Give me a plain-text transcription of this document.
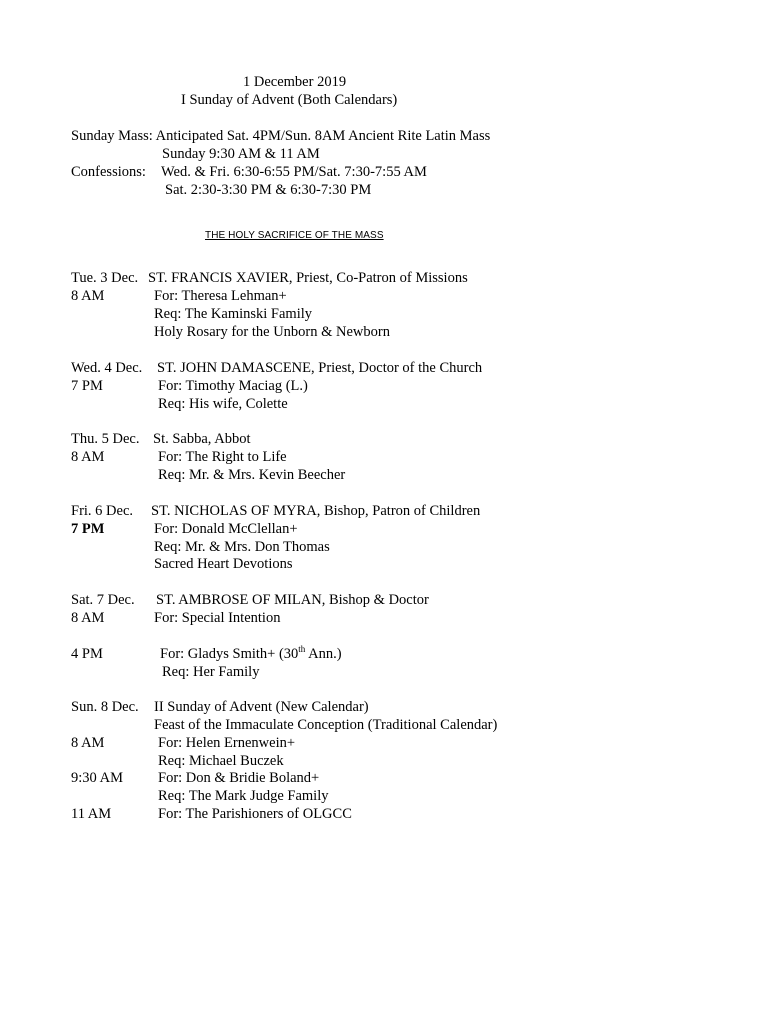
1 December 2019
I Sunday of Advent (Both Calendars)
Sunday Mass: Anticipated Sat. 4PM/Sun. 8AM Ancient Rite Latin Mass
Sunday 9:30 AM & 11 AM
Confessions: Wed. & Fri. 6:30-6:55 PM/Sat. 7:30-7:55 AM
Sat. 2:30-3:30 PM & 6:30-7:30 PM
THE HOLY SACRIFICE OF THE MASS
Tue. 3 Dec. ST. FRANCIS XAVIER, Priest, Co-Patron of Missions
8 AM	For: Theresa Lehman+
Req: The Kaminski Family
Holy Rosary for the Unborn & Newborn
Wed. 4 Dec. ST. JOHN DAMASCENE, Priest, Doctor of the Church
7 PM	For: Timothy Maciag (L.)
Req: His wife, Colette
Thu. 5 Dec. St. Sabba, Abbot
8 AM	For: The Right to Life
Req: Mr. & Mrs. Kevin Beecher
Fri. 6 Dec. ST. NICHOLAS OF MYRA, Bishop, Patron of Children
7 PM	For: Donald McClellan+
Req: Mr. & Mrs. Don Thomas
Sacred Heart Devotions
Sat. 7 Dec. ST. AMBROSE OF MILAN, Bishop & Doctor
8 AM	For: Special Intention
4 PM	For: Gladys Smith+ (30th Ann.)
Req: Her Family
Sun. 8 Dec. II Sunday of Advent (New Calendar)
Feast of the Immaculate Conception (Traditional Calendar)
8 AM	For: Helen Ernenwein+
Req: Michael Buczek
9:30 AM For: Don & Bridie Boland+
Req: The Mark Judge Family
11 AM	For: The Parishioners of OLGCC
